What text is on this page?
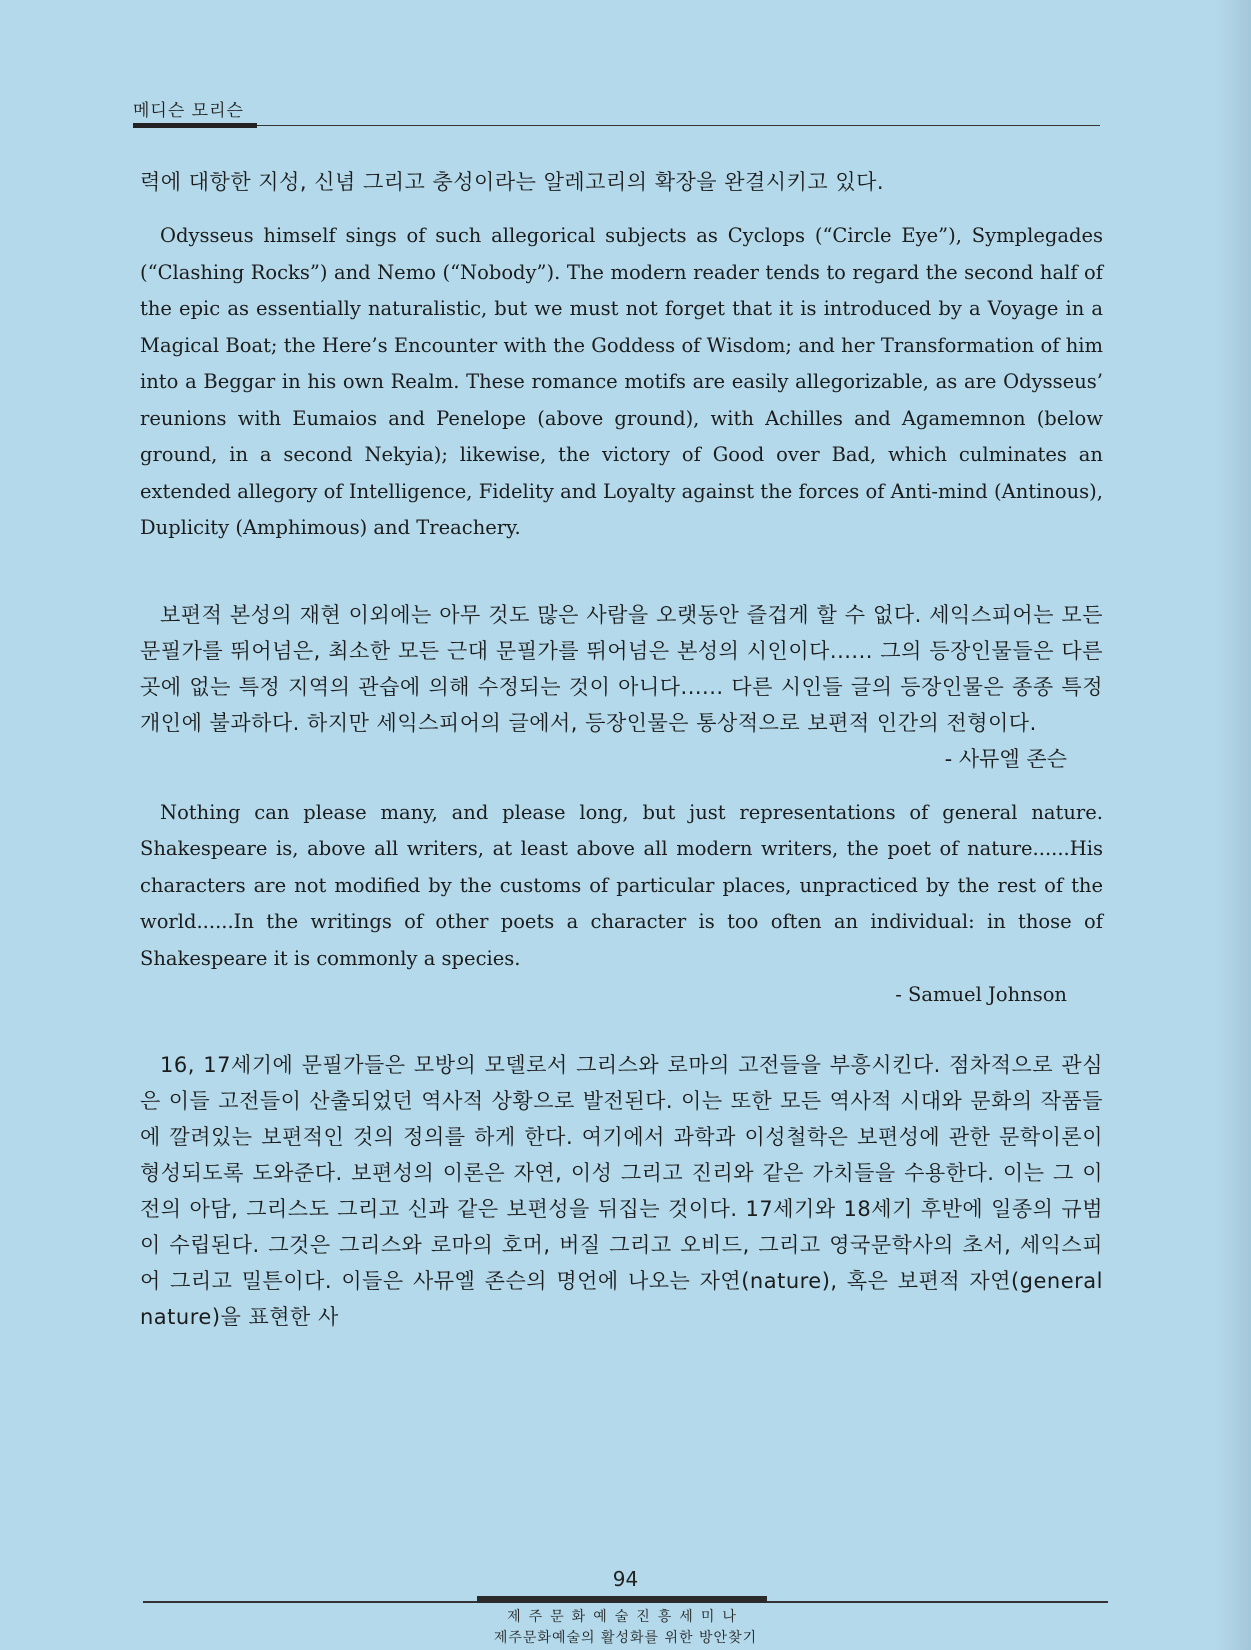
메디슨 모리슨

력에 대항한 지성, 신념 그리고 충성이라는 알레고리의 확장을 완결시키고 있다.

Odysseus himself sings of such allegorical subjects as Cyclops (“Circle Eye”), Symplegades (“Clashing Rocks”) and Nemo (“Nobody”). The modern reader tends to regard the second half of the epic as essentially naturalistic, but we must not forget that it is introduced by a Voyage in a Magical Boat; the Here’s Encounter with the Goddess of Wisdom; and her Transformation of him into a Beggar in his own Realm. These romance motifs are easily allegorizable, as are Odysseus’ reunions with Eumaios and Penelope (above ground), with Achilles and Agamemnon (below ground, in a second Nekyia); likewise, the victory of Good over Bad, which culminates an extended allegory of Intelligence, Fidelity and Loyalty against the forces of Anti-mind (Antinous), Duplicity (Amphimous) and Treachery.

보편적 본성의 재현 이외에는 아무 것도 많은 사람을 오랫동안 즐겁게 할 수 없다. 세익스피어는 모든 문필가를 뛰어넘은, 최소한 모든 근대 문필가를 뛰어넘은 본성의 시인이다...... 그의 등장인물들은 다른 곳에 없는 특정 지역의 관습에 의해 수정되는 것이 아니다...... 다른 시인들 글의 등장인물은 종종 특정 개인에 불과하다. 하지만 세익스피어의 글에서, 등장인물은 통상적으로 보편적 인간의 전형이다.

- 사뮤엘 존슨

Nothing can please many, and please long, but just representations of general nature. Shakespeare is, above all writers, at least above all modern writers, the poet of nature......His characters are not modified by the customs of particular places, unpracticed by the rest of the world......In the writings of other poets a character is too often an individual: in those of Shakespeare it is commonly a species.

- Samuel Johnson

16, 17세기에 문필가들은 모방의 모델로서 그리스와 로마의 고전들을 부흥시킨다. 점차적으로 관심은 이들 고전들이 산출되었던 역사적 상황으로 발전된다. 이는 또한 모든 역사적 시대와 문화의 작품들에 깔려있는 보편적인 것의 정의를 하게 한다. 여기에서 과학과 이성철학은 보편성에 관한 문학이론이 형성되도록 도와준다. 보편성의 이론은 자연, 이성 그리고 진리와 같은 가치들을 수용한다. 이는 그 이전의 아담, 그리스도 그리고 신과 같은 보편성을 뒤집는 것이다. 17세기와 18세기 후반에 일종의 규범이 수립된다. 그것은 그리스와 로마의 호머, 버질 그리고 오비드, 그리고 영국문학사의 초서, 세익스피어 그리고 밀튼이다. 이들은 사뮤엘 존슨의 명언에 나오는 자연(nature), 혹은 보편적 자연(general nature)을 표현한 사

94
제주문화예술진흥세미나
제주문화예술의 활성화를 위한 방안찾기
